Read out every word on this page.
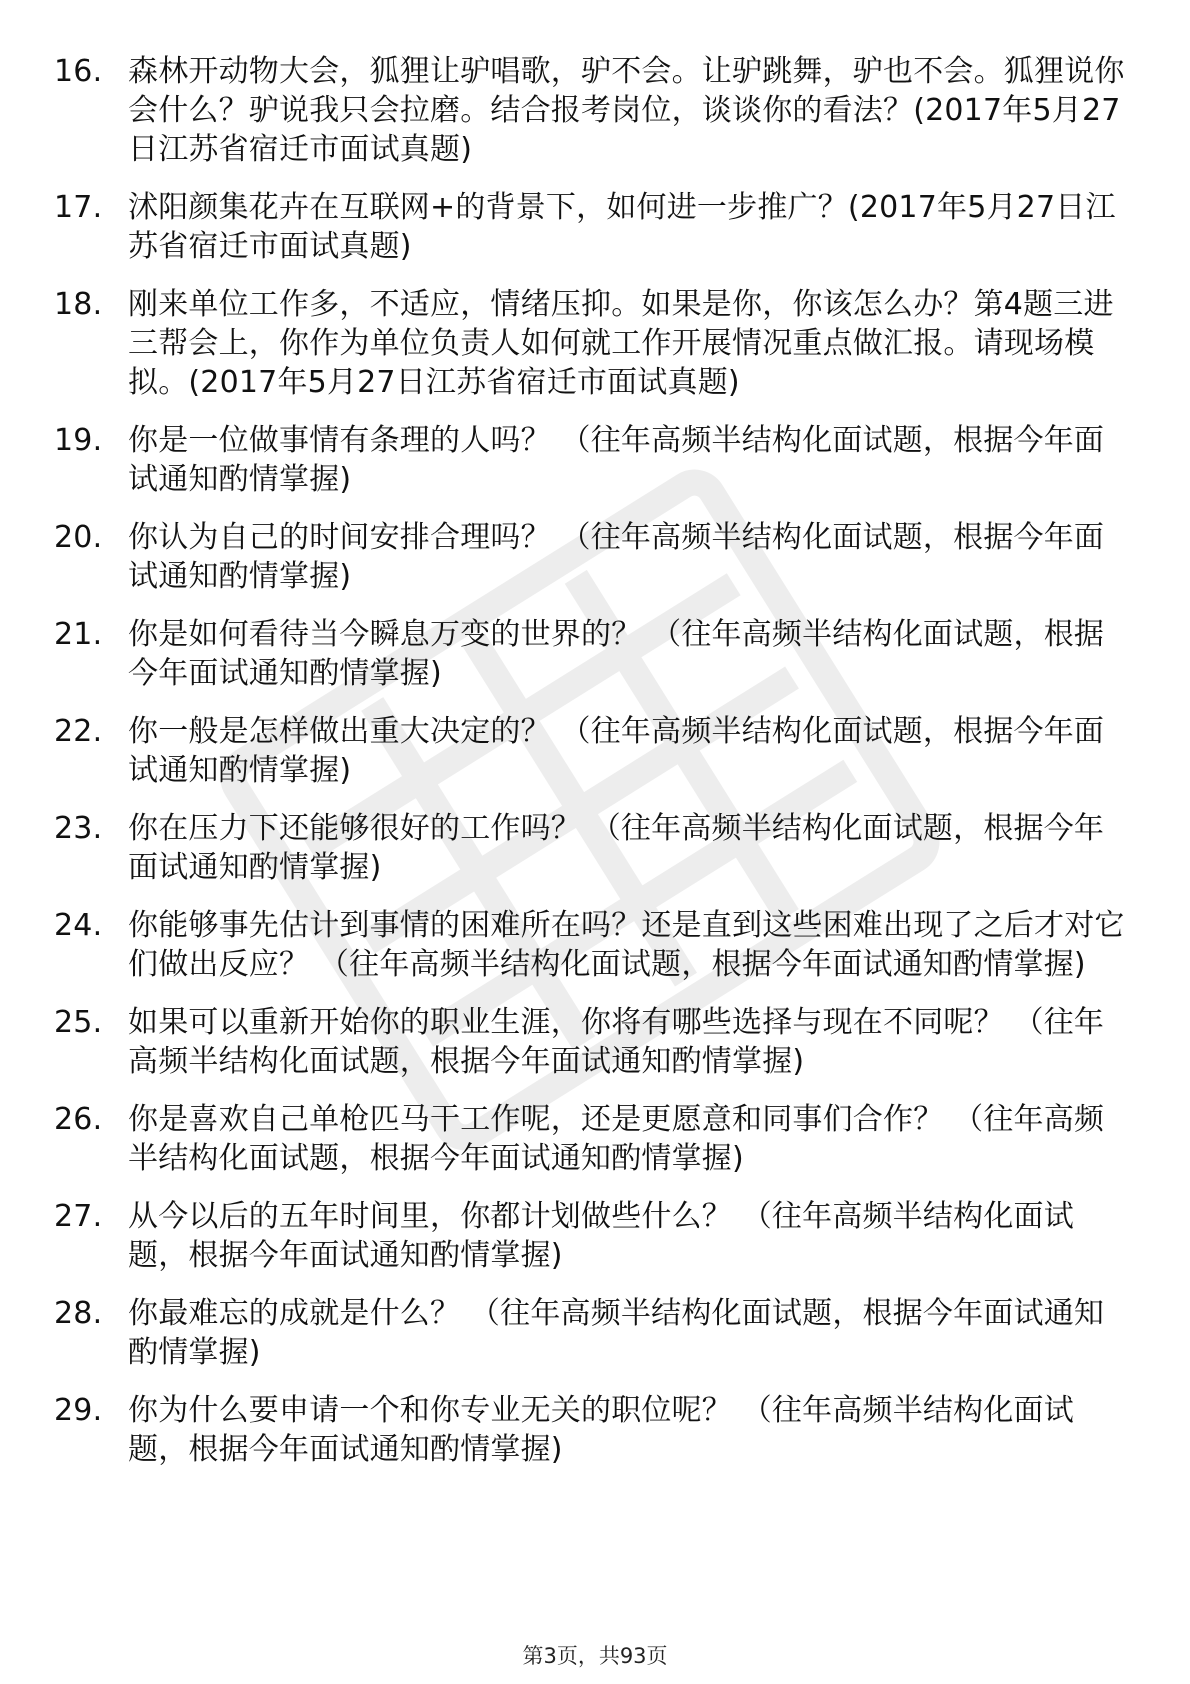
16. 森林开动物大会，狐狸让驴唱歌，驴不会。让驴跳舞，驴也不会。狐狸说你会什么？驴说我只会拉磨。结合报考岗位，谈谈你的看法？(2017年5月27日江苏省宿迁市面试真题)
17. 沭阳颜集花卉在互联网+的背景下，如何进一步推广？(2017年5月27日江苏省宿迁市面试真题)
18. 刚来单位工作多，不适应，情绪压抑。如果是你，你该怎么办？第4题三进三帮会上，你作为单位负责人如何就工作开展情况重点做汇报。请现场模拟。(2017年5月27日江苏省宿迁市面试真题)
19. 你是一位做事情有条理的人吗？ （往年高频半结构化面试题，根据今年面试通知酌情掌握)
20. 你认为自己的时间安排合理吗？ （往年高频半结构化面试题，根据今年面试通知酌情掌握)
21. 你是如何看待当今瞬息万变的世界的？ （往年高频半结构化面试题，根据今年面试通知酌情掌握)
22. 你一般是怎样做出重大决定的？ （往年高频半结构化面试题，根据今年面试通知酌情掌握)
23. 你在压力下还能够很好的工作吗？ （往年高频半结构化面试题，根据今年面试通知酌情掌握)
24. 你能够事先估计到事情的困难所在吗？还是直到这些困难出现了之后才对它们做出反应？ （往年高频半结构化面试题，根据今年面试通知酌情掌握)
25. 如果可以重新开始你的职业生涯，你将有哪些选择与现在不同呢？ （往年高频半结构化面试题，根据今年面试通知酌情掌握)
26. 你是喜欢自己单枪匹马干工作呢，还是更愿意和同事们合作？ （往年高频半结构化面试题，根据今年面试通知酌情掌握)
27. 从今以后的五年时间里，你都计划做些什么？ （往年高频半结构化面试题，根据今年面试通知酌情掌握)
28. 你最难忘的成就是什么？ （往年高频半结构化面试题，根据今年面试通知酌情掌握)
29. 你为什么要申请一个和你专业无关的职位呢？ （往年高频半结构化面试题，根据今年面试通知酌情掌握)
第3页，共93页
